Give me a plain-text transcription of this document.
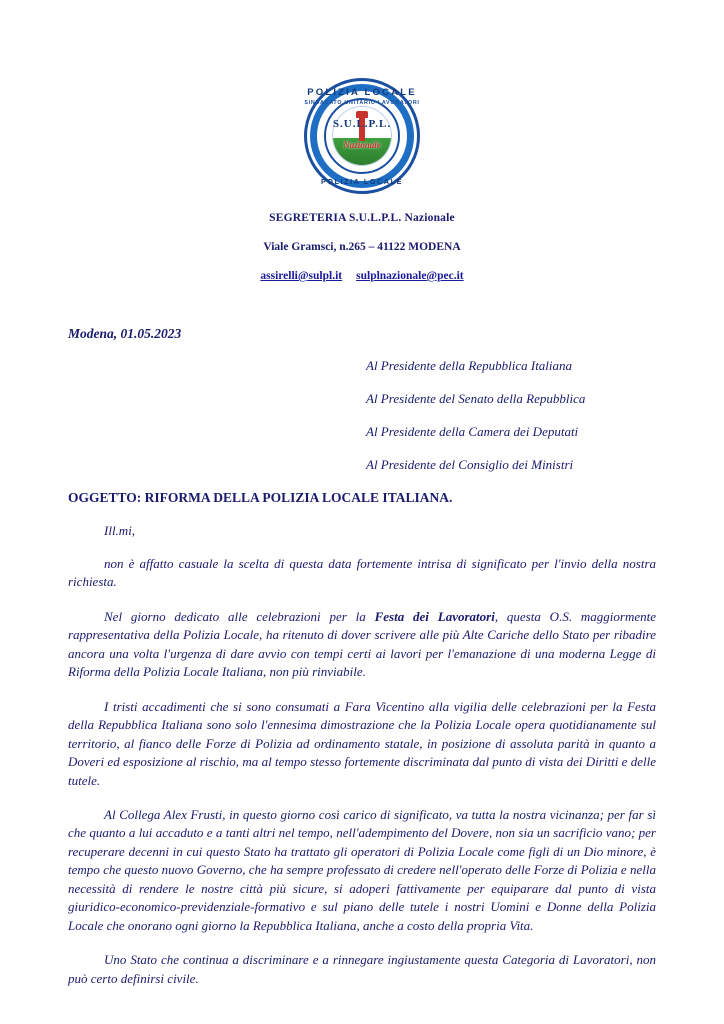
POLIZIA LOCALE
SINDACATO UNITARIO LAVORATORI
S.U.L.P.L.
Nazionale
POLIZIA LOCALE
SEGRETERIA S.U.L.P.L. Nazionale
Viale Gramsci, n.265 – 41122 MODENA
assirelli@sulpl.it sulplnazionale@pec.it
Modena, 01.05.2023
Al Presidente della Repubblica Italiana
Al Presidente del Senato della Repubblica
Al Presidente della Camera dei Deputati
Al Presidente del Consiglio dei Ministri
OGGETTO: RIFORMA DELLA POLIZIA LOCALE ITALIANA.
Ill.mi,

non è affatto casuale la scelta di questa data fortemente intrisa di significato per l'invio della nostra richiesta.

Nel giorno dedicato alle celebrazioni per la Festa dei Lavoratori, questa O.S. maggiormente rappresentativa della Polizia Locale, ha ritenuto di dover scrivere alle più Alte Cariche dello Stato per ribadire ancora una volta l'urgenza di dare avvio con tempi certi ai lavori per l'emanazione di una moderna Legge di Riforma della Polizia Locale Italiana, non più rinviabile.

I tristi accadimenti che si sono consumati a Fara Vicentino alla vigilia delle celebrazioni per la Festa della Repubblica Italiana sono solo l'ennesima dimostrazione che la Polizia Locale opera quotidianamente sul territorio, al fianco delle Forze di Polizia ad ordinamento statale, in posizione di assoluta parità in quanto a Doveri ed esposizione al rischio, ma al tempo stesso fortemente discriminata dal punto di vista dei Diritti e delle tutele.

Al Collega Alex Frusti, in questo giorno così carico di significato, va tutta la nostra vicinanza; per far sì che quanto a lui accaduto e a tanti altri nel tempo, nell'adempimento del Dovere, non sia un sacrificio vano; per recuperare decenni in cui questo Stato ha trattato gli operatori di Polizia Locale come figli di un Dio minore, è tempo che questo nuovo Governo, che ha sempre professato di credere nell'operato delle Forze di Polizia e nella necessità di rendere le nostre città più sicure, si adoperi fattivamente per equiparare dal punto di vista giuridico-economico-previdenziale-formativo e sul piano delle tutele i nostri Uomini e Donne della Polizia Locale che onorano ogni giorno la Repubblica Italiana, anche a costo della propria Vita.

Uno Stato che continua a discriminare e a rinnegare ingiustamente questa Categoria di Lavoratori, non può certo definirsi civile.
